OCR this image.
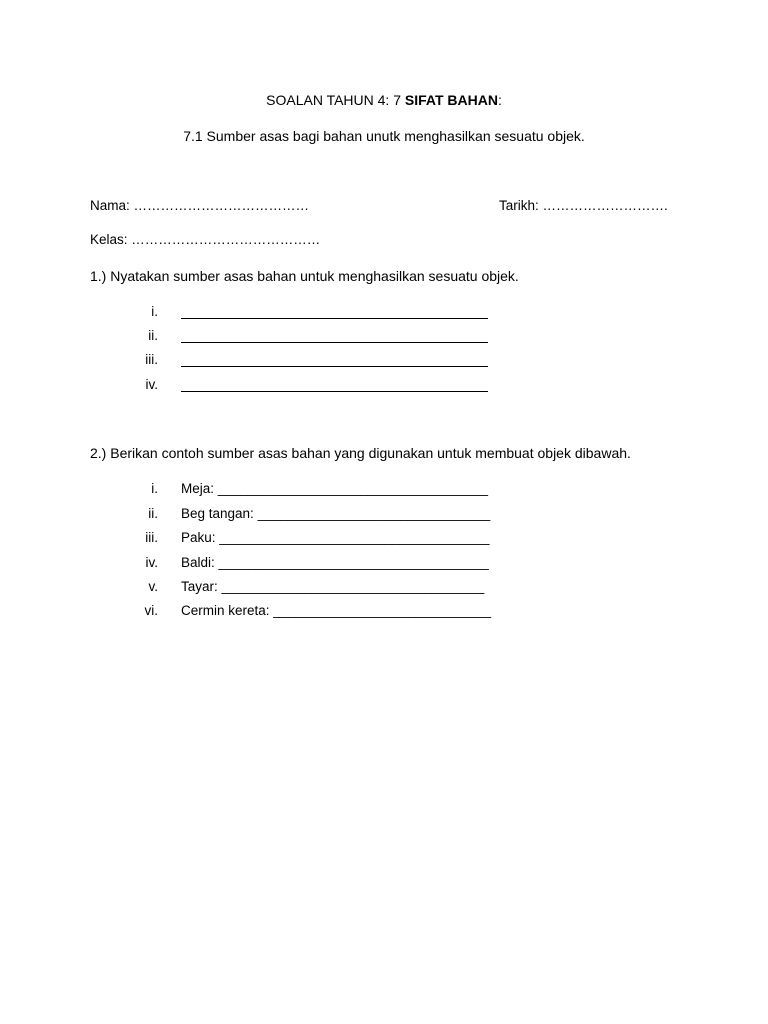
SOALAN TAHUN 4: 7 SIFAT BAHAN:
7.1 Sumber asas bagi bahan unutk menghasilkan sesuatu objek.
Nama: …………………………………	Tarikh: ……………………….
Kelas: ……………………………………
1.) Nyatakan sumber asas bahan untuk menghasilkan sesuatu objek.
i.
ii.
iii.
iv.
2.) Berikan contoh sumber asas bahan yang digunakan untuk membuat objek dibawah.
i. Meja: ____________________________________
ii. Beg tangan: _______________________________
iii. Paku: ____________________________________
iv. Baldi: ____________________________________
v. Tayar: ___________________________________
vi. Cermin kereta: _____________________________
